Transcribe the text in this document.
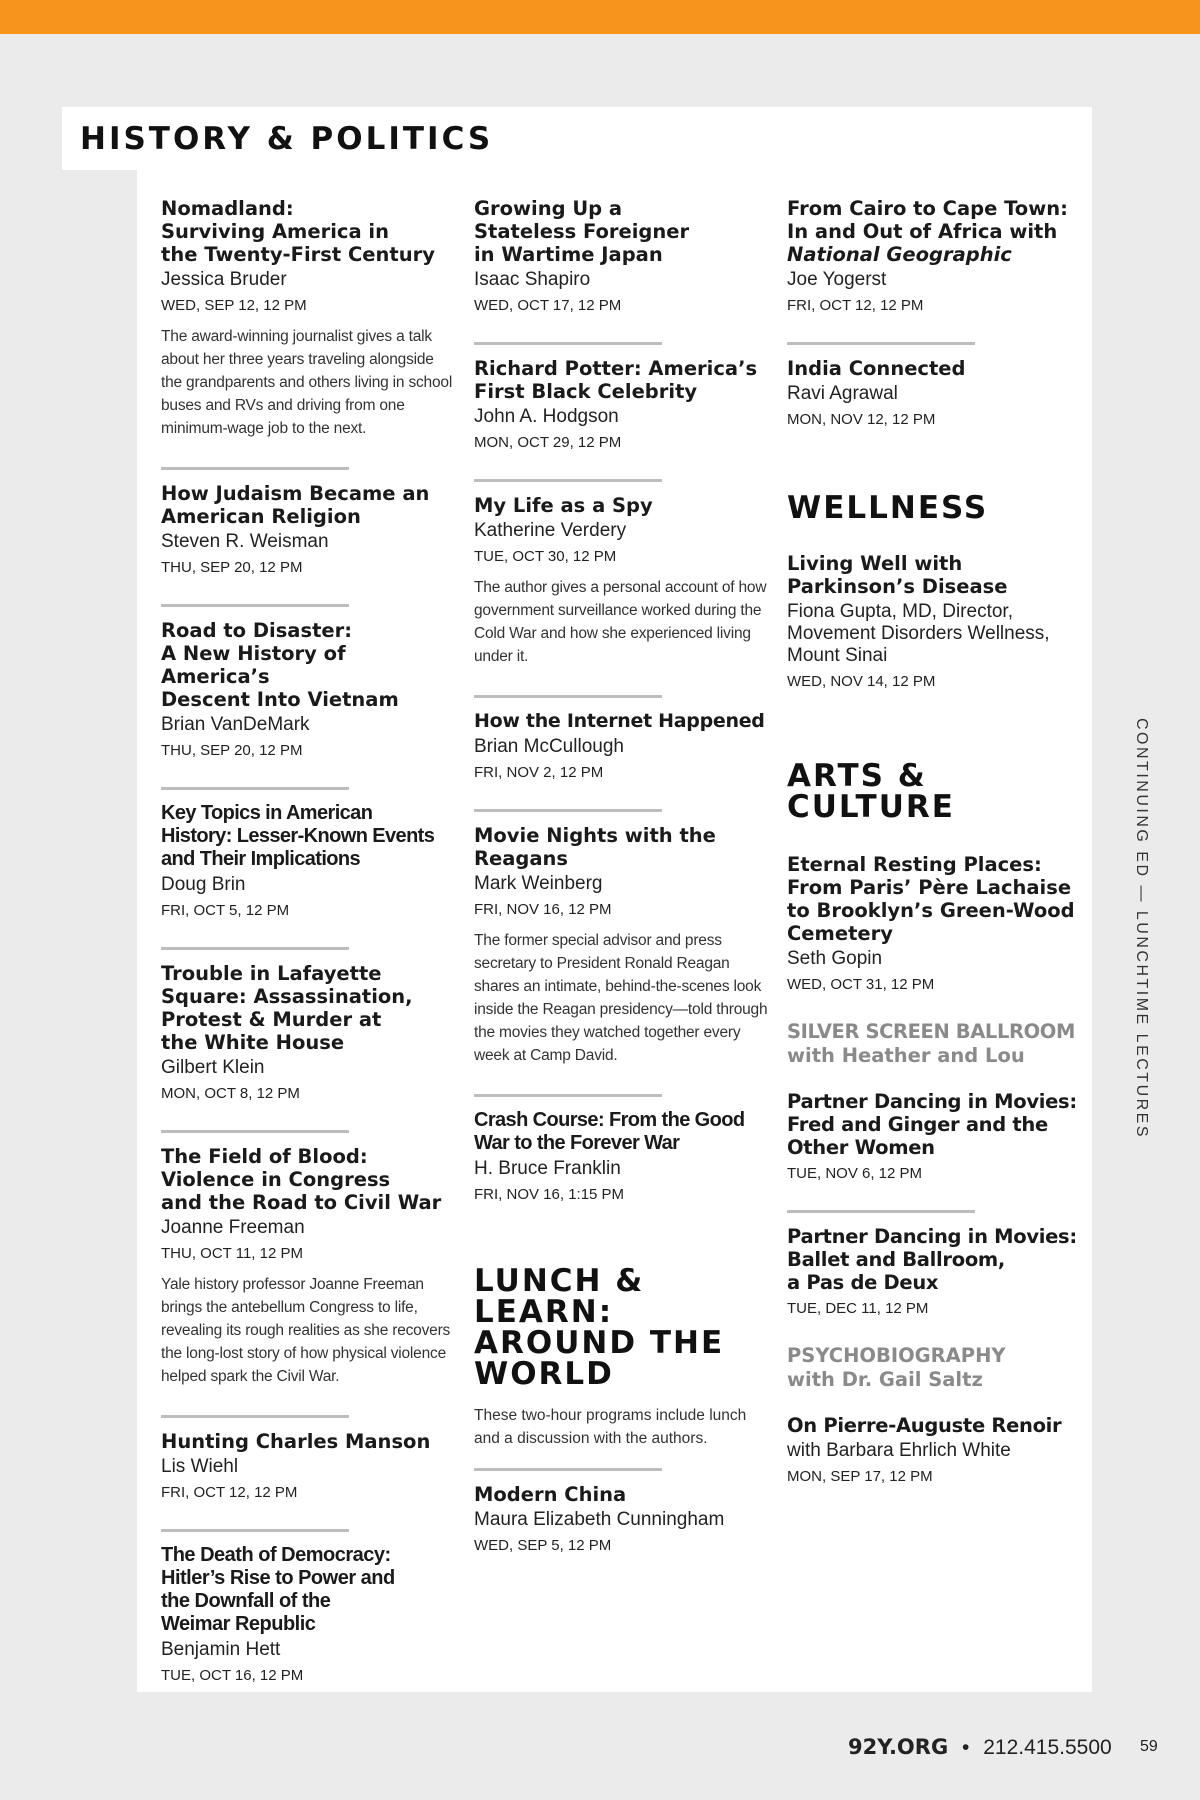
HISTORY & POLITICS
Nomadland:
Surviving America in
the Twenty-First Century
Jessica Bruder
WED, SEP 12, 12 PM
The award-winning journalist gives a talk about her three years traveling alongside the grandparents and others living in school buses and RVs and driving from one minimum-wage job to the next.
How Judaism Became an
American Religion
Steven R. Weisman
THU, SEP 20, 12 PM
Road to Disaster:
A New History of America’s
Descent Into Vietnam
Brian VanDeMark
THU, SEP 20, 12 PM
Key Topics in American
History: Lesser-Known Events
and Their Implications
Doug Brin
FRI, OCT 5, 12 PM
Trouble in Lafayette
Square: Assassination,
Protest & Murder at
the White House
Gilbert Klein
MON, OCT 8, 12 PM
The Field of Blood:
Violence in Congress
and the Road to Civil War
Joanne Freeman
THU, OCT 11, 12 PM
Yale history professor Joanne Freeman brings the antebellum Congress to life, revealing its rough realities as she recovers the long-lost story of how physical violence helped spark the Civil War.
Hunting Charles Manson
Lis Wiehl
FRI, OCT 12, 12 PM
The Death of Democracy:
Hitler’s Rise to Power and
the Downfall of the
Weimar Republic
Benjamin Hett
TUE, OCT 16, 12 PM
Growing Up a
Stateless Foreigner
in Wartime Japan
Isaac Shapiro
WED, OCT 17, 12 PM
Richard Potter: America’s
First Black Celebrity
John A. Hodgson
MON, OCT 29, 12 PM
My Life as a Spy
Katherine Verdery
TUE, OCT 30, 12 PM
The author gives a personal account of how government surveillance worked during the Cold War and how she experienced living under it.
How the Internet Happened
Brian McCullough
FRI, NOV 2, 12 PM
Movie Nights with the
Reagans
Mark Weinberg
FRI, NOV 16, 12 PM
The former special advisor and press secretary to President Ronald Reagan shares an intimate, behind-the-scenes look inside the Reagan presidency—told through the movies they watched together every week at Camp David.
Crash Course: From the Good
War to the Forever War
H. Bruce Franklin
FRI, NOV 16, 1:15 PM
LUNCH & LEARN:
AROUND THE
WORLD
These two-hour programs include lunch and a discussion with the authors.
Modern China
Maura Elizabeth Cunningham
WED, SEP 5, 12 PM
From Cairo to Cape Town:
In and Out of Africa with
National Geographic
Joe Yogerst
FRI, OCT 12, 12 PM
India Connected
Ravi Agrawal
MON, NOV 12, 12 PM
WELLNESS
Living Well with
Parkinson’s Disease
Fiona Gupta, MD, Director,
Movement Disorders Wellness,
Mount Sinai
WED, NOV 14, 12 PM
ARTS &
CULTURE
Eternal Resting Places:
From Paris’ Père Lachaise
to Brooklyn’s Green-Wood
Cemetery
Seth Gopin
WED, OCT 31, 12 PM
SILVER SCREEN BALLROOM
with Heather and Lou
Partner Dancing in Movies:
Fred and Ginger and the
Other Women
TUE, NOV 6, 12 PM
Partner Dancing in Movies:
Ballet and Ballroom,
a Pas de Deux
TUE, DEC 11, 12 PM
PSYCHOBIOGRAPHY
with Dr. Gail Saltz
On Pierre-Auguste Renoir
with Barbara Ehrlich White
MON, SEP 17, 12 PM
CONTINUING ED — LUNCHTIME LECTURES
92Y.ORG • 212.415.5500 59
